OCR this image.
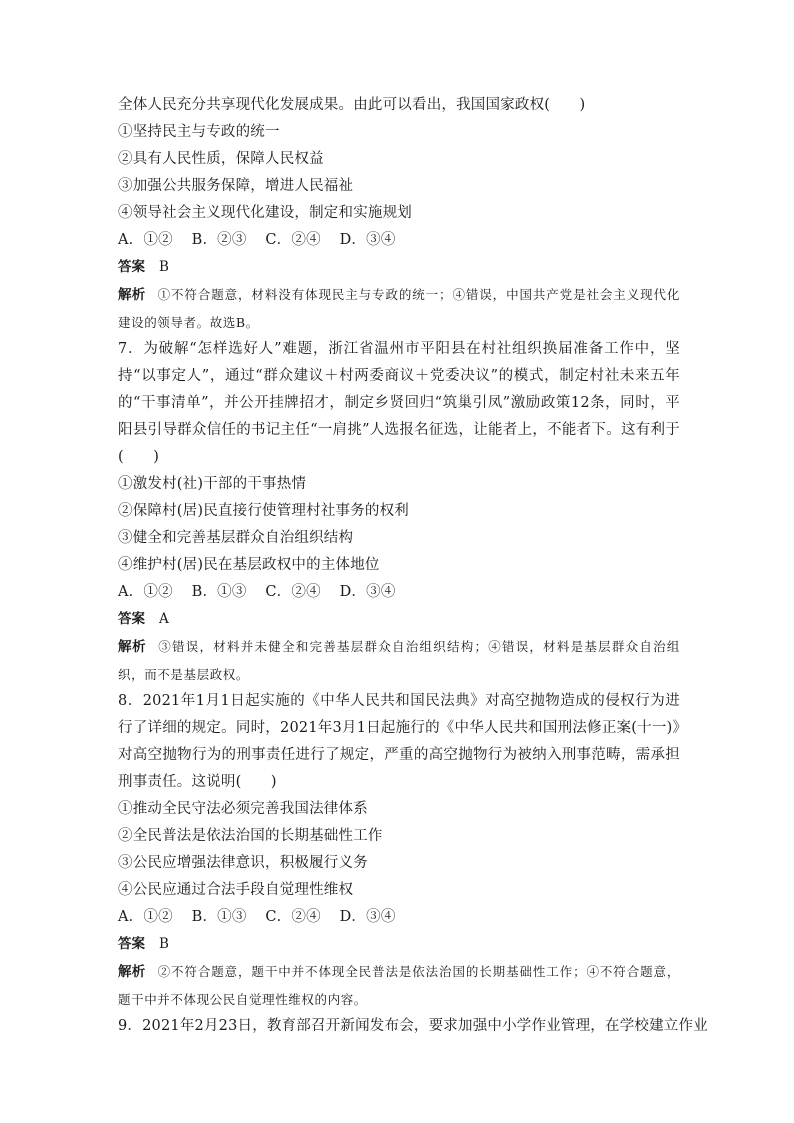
全体人民充分共享现代化发展成果。由此可以看出，我国国家政权(　　)
①坚持民主与专政的统一
②具有人民性质，保障人民权益
③加强公共服务保障，增进人民福祉
④领导社会主义现代化建设，制定和实施规划
A．①② B．②③ C．②④ D．③④
答案 B
解析 ①不符合题意，材料没有体现民主与专政的统一；④错误，中国共产党是社会主义现代化建设的领导者。故选B。
7．为破解“怎样选好人”难题，浙江省温州市平阳县在村社组织换届准备工作中，坚持“以事定人”，通过“群众建议＋村两委商议＋党委决议”的模式，制定村社未来五年的“干事清单”，并公开挂牌招才，制定乡贤回归“筑巢引凤”激励政策12条，同时，平阳县引导群众信任的书记主任“一肩挑”人选报名征选，让能者上，不能者下。这有利于(　　)
①激发村(社)干部的干事热情
②保障村(居)民直接行使管理村社事务的权利
③健全和完善基层群众自治组织结构
④维护村(居)民在基层政权中的主体地位
A．①② B．①③ C．②④ D．③④
答案 A
解析 ③错误，材料并未健全和完善基层群众自治组织结构；④错误，材料是基层群众自治组织，而不是基层政权。
8．2021年1月1日起实施的《中华人民共和国民法典》对高空抛物造成的侵权行为进行了详细的规定。同时，2021年3月1日起施行的《中华人民共和国刑法修正案(十一)》对高空抛物行为的刑事责任进行了规定，严重的高空抛物行为被纳入刑事范畴，需承担刑事责任。这说明(　　)
①推动全民守法必须完善我国法律体系
②全民普法是依法治国的长期基础性工作
③公民应增强法律意识，积极履行义务
④公民应通过合法手段自觉理性维权
A．①② B．①③ C．②④ D．③④
答案 B
解析 ②不符合题意，题干中并不体现全民普法是依法治国的长期基础性工作；④不符合题意，题干中并不体现公民自觉理性维权的内容。
9．2021年2月23日，教育部召开新闻发布会，要求加强中小学作业管理，在学校建立作业
